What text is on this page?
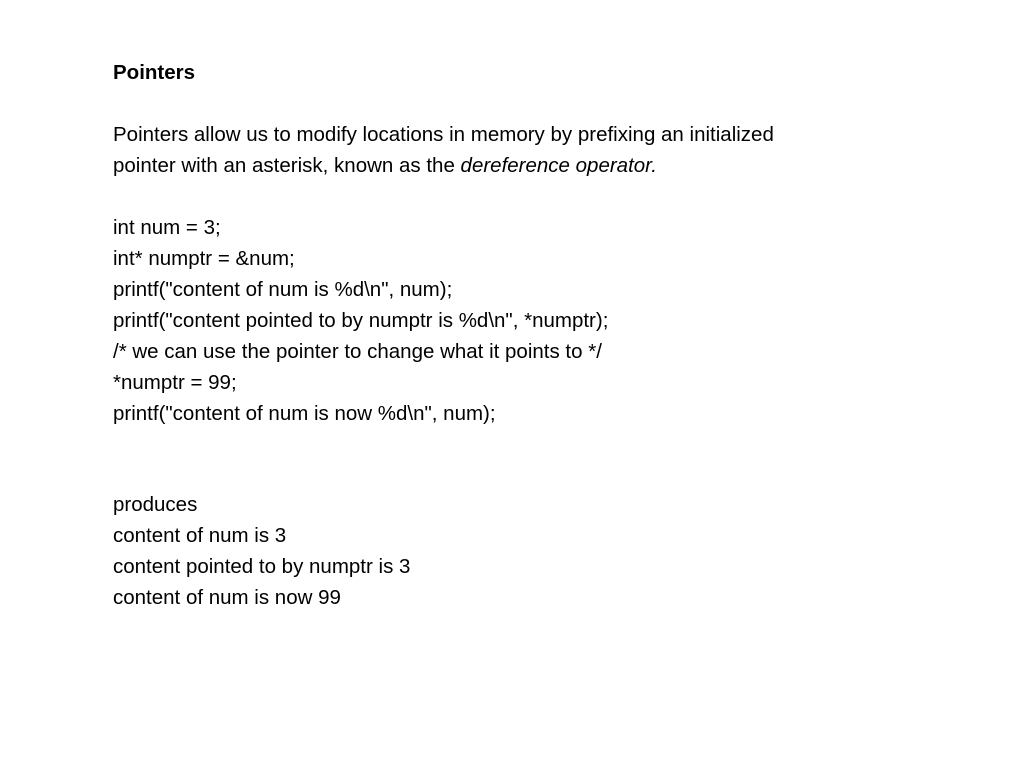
Pointers

Pointers allow us to modify locations in memory by prefixing an initialized
pointer with an asterisk, known as the dereference operator.

int num = 3;

int* numptr = &num;

printf("content of num is %d\n", num);

printf("content pointed to by numptr is %d\n", *numptr);

/* we can use the pointer to change what it points to */

*numptr = 99;

printf("content of num is now %d\n", num);

produces

content of num is 3

content pointed to by numptr is 3

content of num is now 99
